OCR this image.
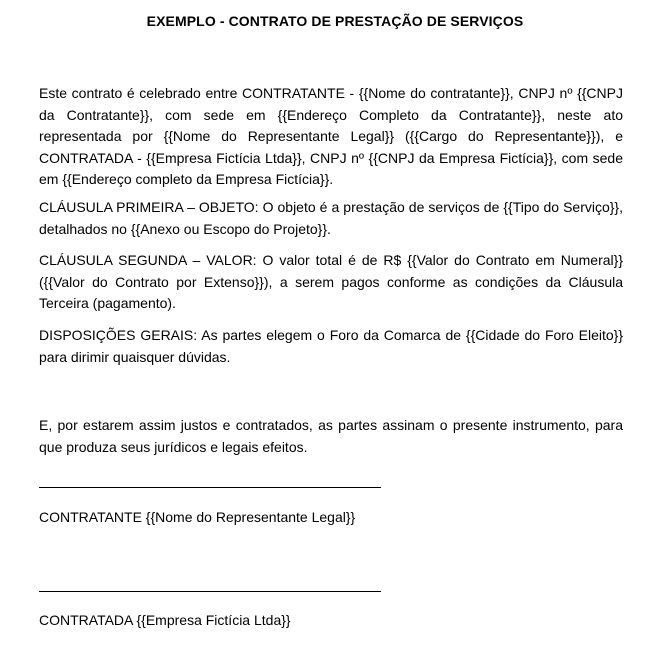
EXEMPLO - CONTRATO DE PRESTAÇÃO DE SERVIÇOS

Este contrato é celebrado entre CONTRATANTE - {{Nome do contratante}}, CNPJ nº {{CNPJ da Contratante}}, com sede em {{Endereço Completo da Contratante}}, neste ato representada por {{Nome do Representante Legal}} ({{Cargo do Representante}}), e CONTRATADA - {{Empresa Fictícia Ltda}}, CNPJ nº {{CNPJ da Empresa Fictícia}}, com sede em {{Endereço completo da Empresa Fictícia}}.

CLÁUSULA PRIMEIRA – OBJETO: O objeto é a prestação de serviços de {{Tipo do Serviço}}, detalhados no {{Anexo ou Escopo do Projeto}}.

CLÁUSULA SEGUNDA – VALOR: O valor total é de R$ {{Valor do Contrato em Numeral}} ({{Valor do Contrato por Extenso}}), a serem pagos conforme as condições da Cláusula Terceira (pagamento).

DISPOSIÇÕES GERAIS: As partes elegem o Foro da Comarca de {{Cidade do Foro Eleito}} para dirimir quaisquer dúvidas.

E, por estarem assim justos e contratados, as partes assinam o presente instrumento, para que produza seus jurídicos e legais efeitos.

CONTRATANTE {{Nome do Representante Legal}}
CONTRATADA {{Empresa Fictícia Ltda}}
